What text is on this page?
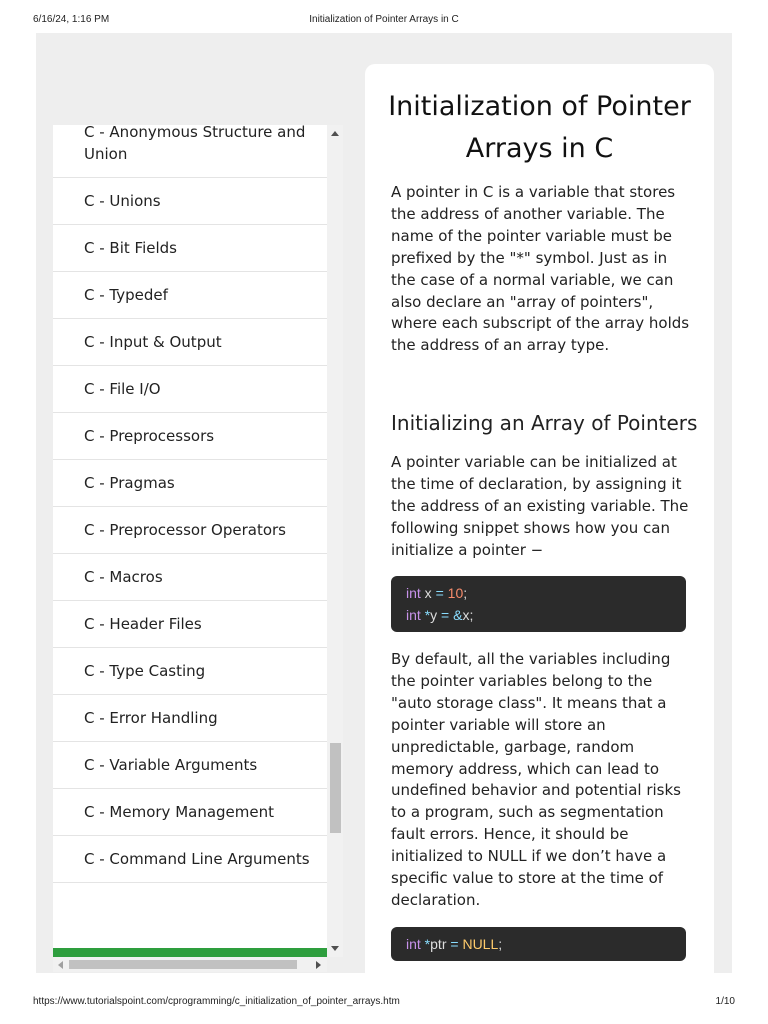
6/16/24, 1:16 PM	Initialization of Pointer Arrays in C
C - Anonymous Structure and Union
C - Unions
C - Bit Fields
C - Typedef
C - Input & Output
C - File I/O
C - Preprocessors
C - Pragmas
C - Preprocessor Operators
C - Macros
C - Header Files
C - Type Casting
C - Error Handling
C - Variable Arguments
C - Memory Management
C - Command Line Arguments
Initialization of Pointer Arrays in C

A pointer in C is a variable that stores the address of another variable. The name of the pointer variable must be prefixed by the "*" symbol. Just as in the case of a normal variable, we can also declare an "array of pointers", where each subscript of the array holds the address of an array type.

Initializing an Array of Pointers

A pointer variable can be initialized at the time of declaration, by assigning it the address of an existing variable. The following snippet shows how you can initialize a pointer −

int x = 10;
int *y = &x;

By default, all the variables including the pointer variables belong to the "auto storage class". It means that a pointer variable will store an unpredictable, garbage, random memory address, which can lead to undefined behavior and potential risks to a program, such as segmentation fault errors. Hence, it should be initialized to NULL if we don’t have a specific value to store at the time of declaration.

int *ptr = NULL;
https://www.tutorialspoint.com/cprogramming/c_initialization_of_pointer_arrays.htm	1/10
